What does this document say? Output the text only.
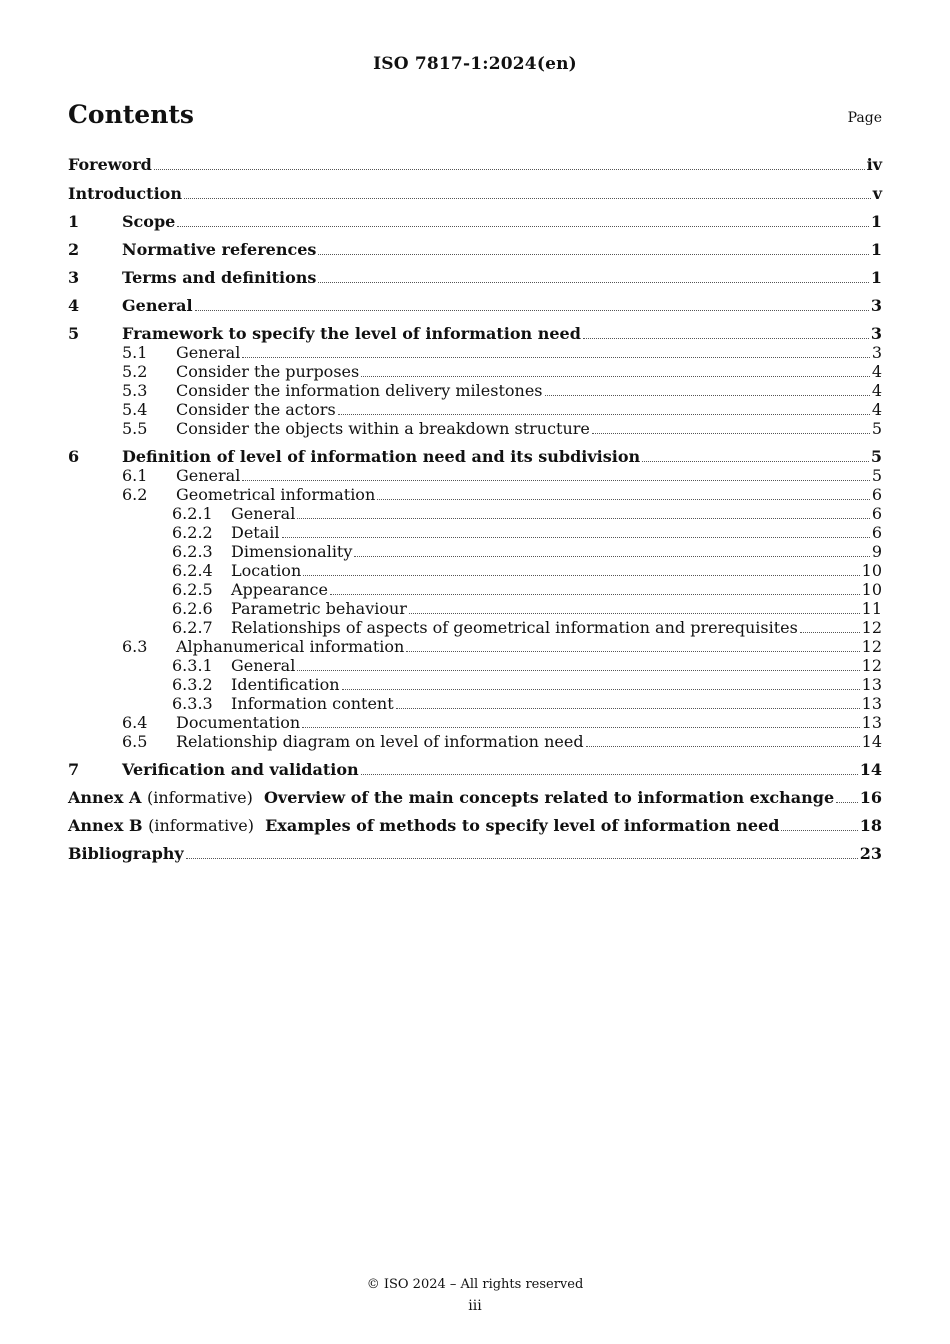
ISO 7817-1:2024(en)
Contents	Page
Foreword	iv
Introduction	v
1	Scope	1
2	Normative references	1
3	Terms and definitions	1
4	General	3
5	Framework to specify the level of information need	3
5.1	General	3
5.2	Consider the purposes	4
5.3	Consider the information delivery milestones	4
5.4	Consider the actors	4
5.5	Consider the objects within a breakdown structure	5
6	Definition of level of information need and its subdivision	5
6.1	General	5
6.2	Geometrical information	6
6.2.1	General	6
6.2.2	Detail	6
6.2.3	Dimensionality	9
6.2.4	Location	10
6.2.5	Appearance	10
6.2.6	Parametric behaviour	11
6.2.7	Relationships of aspects of geometrical information and prerequisites	12
6.3	Alphanumerical information	12
6.3.1	General	12
6.3.2	Identification	13
6.3.3	Information content	13
6.4	Documentation	13
6.5	Relationship diagram on level of information need	14
7	Verification and validation	14
Annex A (informative) Overview of the main concepts related to information exchange 16
Annex B (informative) Examples of methods to specify level of information need	18
Bibliography	23
© ISO 2024 – All rights reserved
iii
